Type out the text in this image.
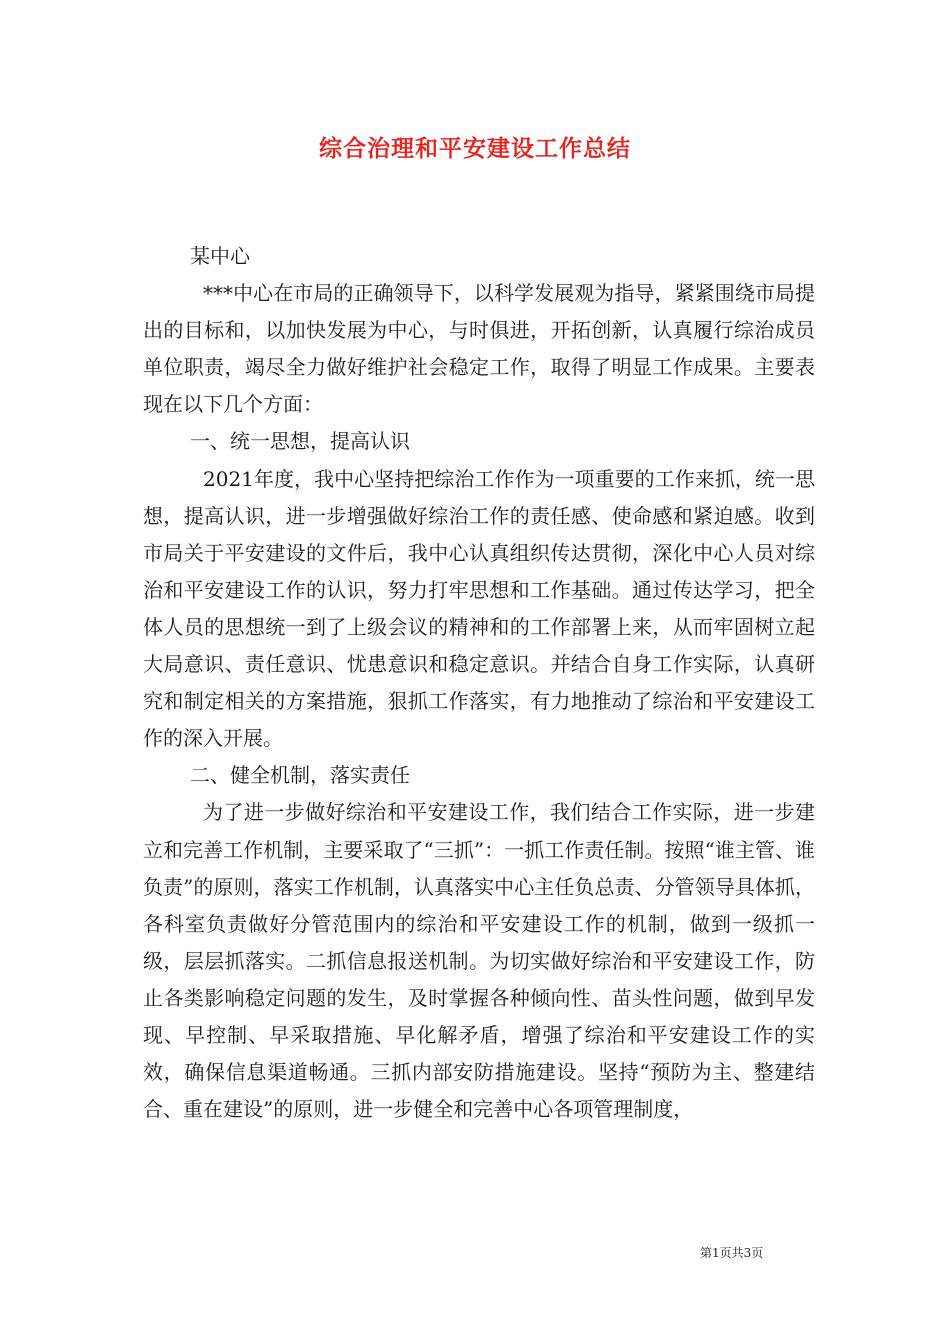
综合治理和平安建设工作总结

某中心

***中心在市局的正确领导下，以科学发展观为指导，紧紧围绕市局提出的目标和，以加快发展为中心，与时俱进，开拓创新，认真履行综治成员单位职责，竭尽全力做好维护社会稳定工作，取得了明显工作成果。主要表现在以下几个方面：

一、统一思想，提高认识

2021年度，我中心坚持把综治工作作为一项重要的工作来抓，统一思想，提高认识，进一步增强做好综治工作的责任感、使命感和紧迫感。收到市局关于平安建设的文件后，我中心认真组织传达贯彻，深化中心人员对综治和平安建设工作的认识，努力打牢思想和工作基础。通过传达学习，把全体人员的思想统一到了上级会议的精神和的工作部署上来，从而牢固树立起大局意识、责任意识、忧患意识和稳定意识。并结合自身工作实际，认真研究和制定相关的方案措施，狠抓工作落实，有力地推动了综治和平安建设工作的深入开展。

二、健全机制，落实责任

为了进一步做好综治和平安建设工作，我们结合工作实际，进一步建立和完善工作机制，主要采取了“三抓”：一抓工作责任制。按照“谁主管、谁负责”的原则，落实工作机制，认真落实中心主任负总责、分管领导具体抓，各科室负责做好分管范围内的综治和平安建设工作的机制，做到一级抓一级，层层抓落实。二抓信息报送机制。为切实做好综治和平安建设工作，防止各类影响稳定问题的发生，及时掌握各种倾向性、苗头性问题，做到早发现、早控制、早采取措施、早化解矛盾，增强了综治和平安建设工作的实效，确保信息渠道畅通。三抓内部安防措施建设。坚持“预防为主、整建结合、重在建设”的原则，进一步健全和完善中心各项管理制度，

第1页共3页
